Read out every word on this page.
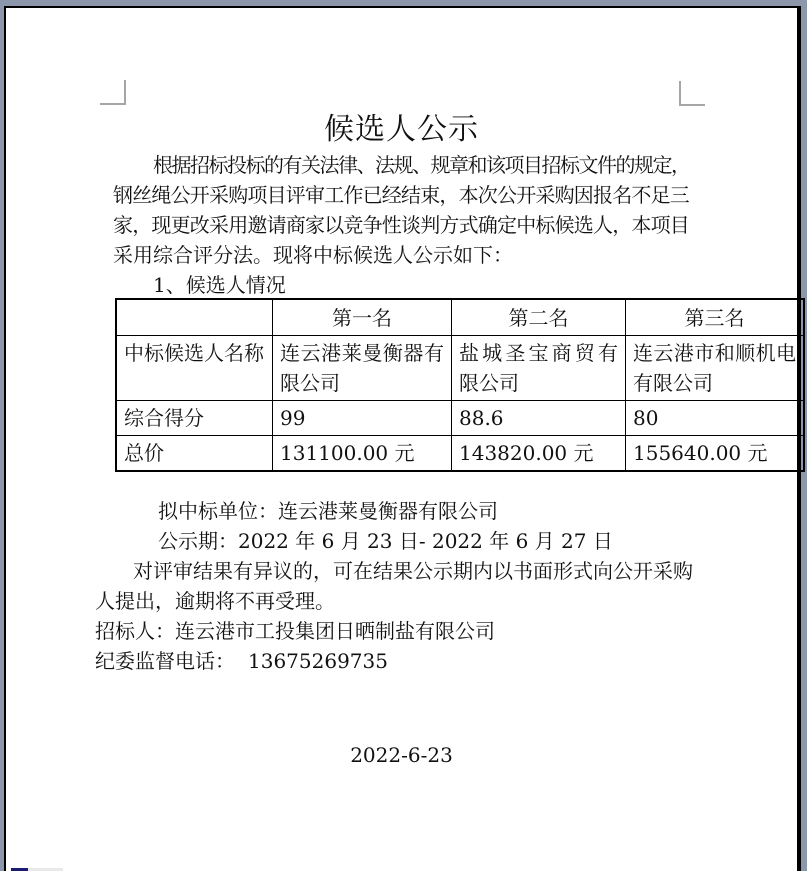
候选人公示
根据招标投标的有关法律、法规、规章和该项目招标文件的规定，
钢丝绳公开采购项目评审工作已经结束，本次公开采购因报名不足三
家，现更改采用邀请商家以竞争性谈判方式确定中标候选人，本项目
采用综合评分法。现将中标候选人公示如下：
1、候选人情况
	第一名	第二名	第三名
中标候选人名称	连云港莱曼衡器有限公司	盐城圣宝商贸有限公司	连云港市和顺机电有限公司
综合得分	99	88.6	80
总价	131100.00 元	143820.00 元	155640.00 元
拟中标单位：连云港莱曼衡器有限公司
公示期：2022 年 6 月 23 日- 2022 年 6 月 27 日
对评审结果有异议的，可在结果公示期内以书面形式向公开采购
人提出，逾期将不再受理。
招标人：连云港市工投集团日晒制盐有限公司
纪委监督电话： 13675269735
2022-6-23
